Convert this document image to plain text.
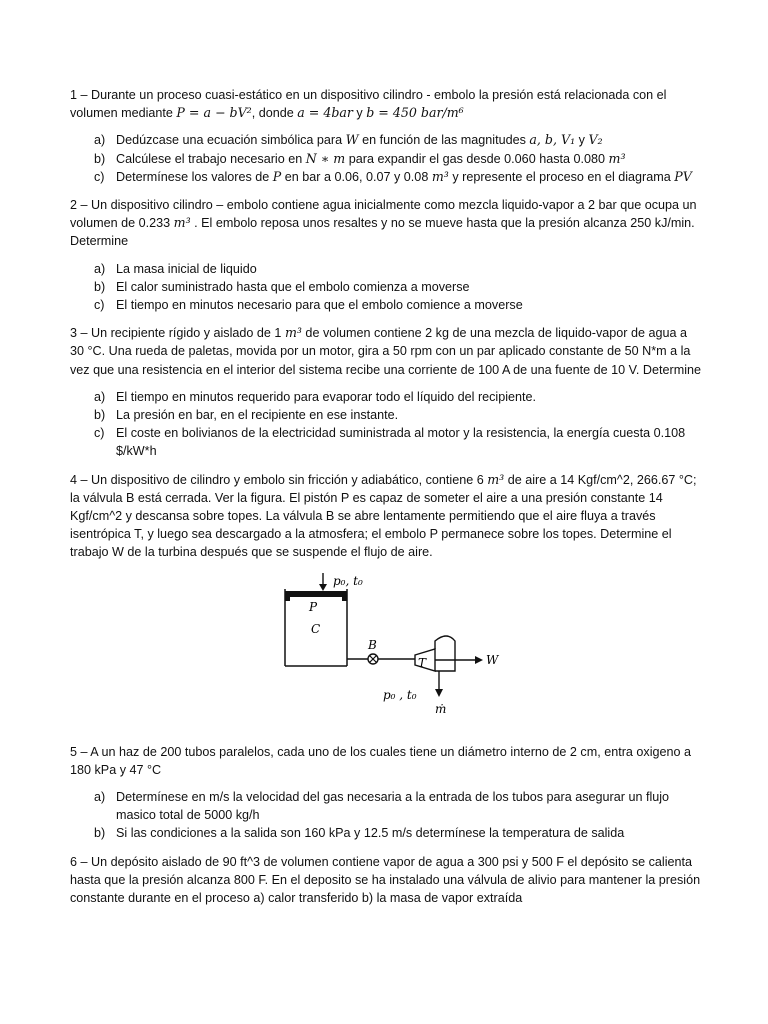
1 – Durante un proceso cuasi-estático en un dispositivo cilindro - embolo la presión está relacionada con el volumen mediante P = a − bV², donde a = 4bar y b = 450 bar/m⁶

a) Dedúzcase una ecuación simbólica para W en función de las magnitudes a, b, V₁ y V₂
b) Calcúlese el trabajo necesario en N ∗ m para expandir el gas desde 0.060 hasta 0.080 m³
c) Determínese los valores de P en bar a 0.06, 0.07 y 0.08 m³ y represente el proceso en el diagrama PV

2 – Un dispositivo cilindro – embolo contiene agua inicialmente como mezcla liquido-vapor a 2 bar que ocupa un volumen de 0.233 m³ . El embolo reposa unos resaltes y no se mueve hasta que la presión alcanza 250 kJ/min. Determine

a) La masa inicial de liquido
b) El calor suministrado hasta que el embolo comienza a moverse
c) El tiempo en minutos necesario para que el embolo comience a moverse

3 – Un recipiente rígido y aislado de 1 m³ de volumen contiene 2 kg de una mezcla de liquido-vapor de agua a 30 °C. Una rueda de paletas, movida por un motor, gira a 50 rpm con un par aplicado constante de 50 N*m a la vez que una resistencia en el interior del sistema recibe una corriente de 100 A de una fuente de 10 V. Determine

a) El tiempo en minutos requerido para evaporar todo el líquido del recipiente.
b) La presión en bar, en el recipiente en ese instante.
c) El coste en bolivianos de la electricidad suministrada al motor y la resistencia, la energía cuesta 0.108 $/kW*h

4 – Un dispositivo de cilindro y embolo sin fricción y adiabático, contiene 6 m³ de aire a 14 Kgf/cm^2, 266.67 °C; la válvula B está cerrada. Ver la figura. El pistón P es capaz de someter el aire a una presión constante 14 Kgf/cm^2 y descansa sobre topes. La válvula B se abre lentamente permitiendo que el aire fluya a través isentrópica T, y luego sea descargado a la atmosfera; el embolo P permanece sobre los topes. Determine el trabajo W de la turbina después que se suspende el flujo de aire.

p₀, t₀
P
C
B
T	W
p₀ , t₀
ṁ

5 – A un haz de 200 tubos paralelos, cada uno de los cuales tiene un diámetro interno de 2 cm, entra oxigeno a 180 kPa y 47 °C

a) Determínese en m/s la velocidad del gas necesaria a la entrada de los tubos para asegurar un flujo masico total de 5000 kg/h
b) Si las condiciones a la salida son 160 kPa y 12.5 m/s determínese la temperatura de salida

6 – Un depósito aislado de 90 ft^3 de volumen contiene vapor de agua a 300 psi y 500 F el depósito se calienta hasta que la presión alcanza 800 F. En el deposito se ha instalado una válvula de alivio para mantener la presión constante durante en el proceso a) calor transferido b) la masa de vapor extraída
